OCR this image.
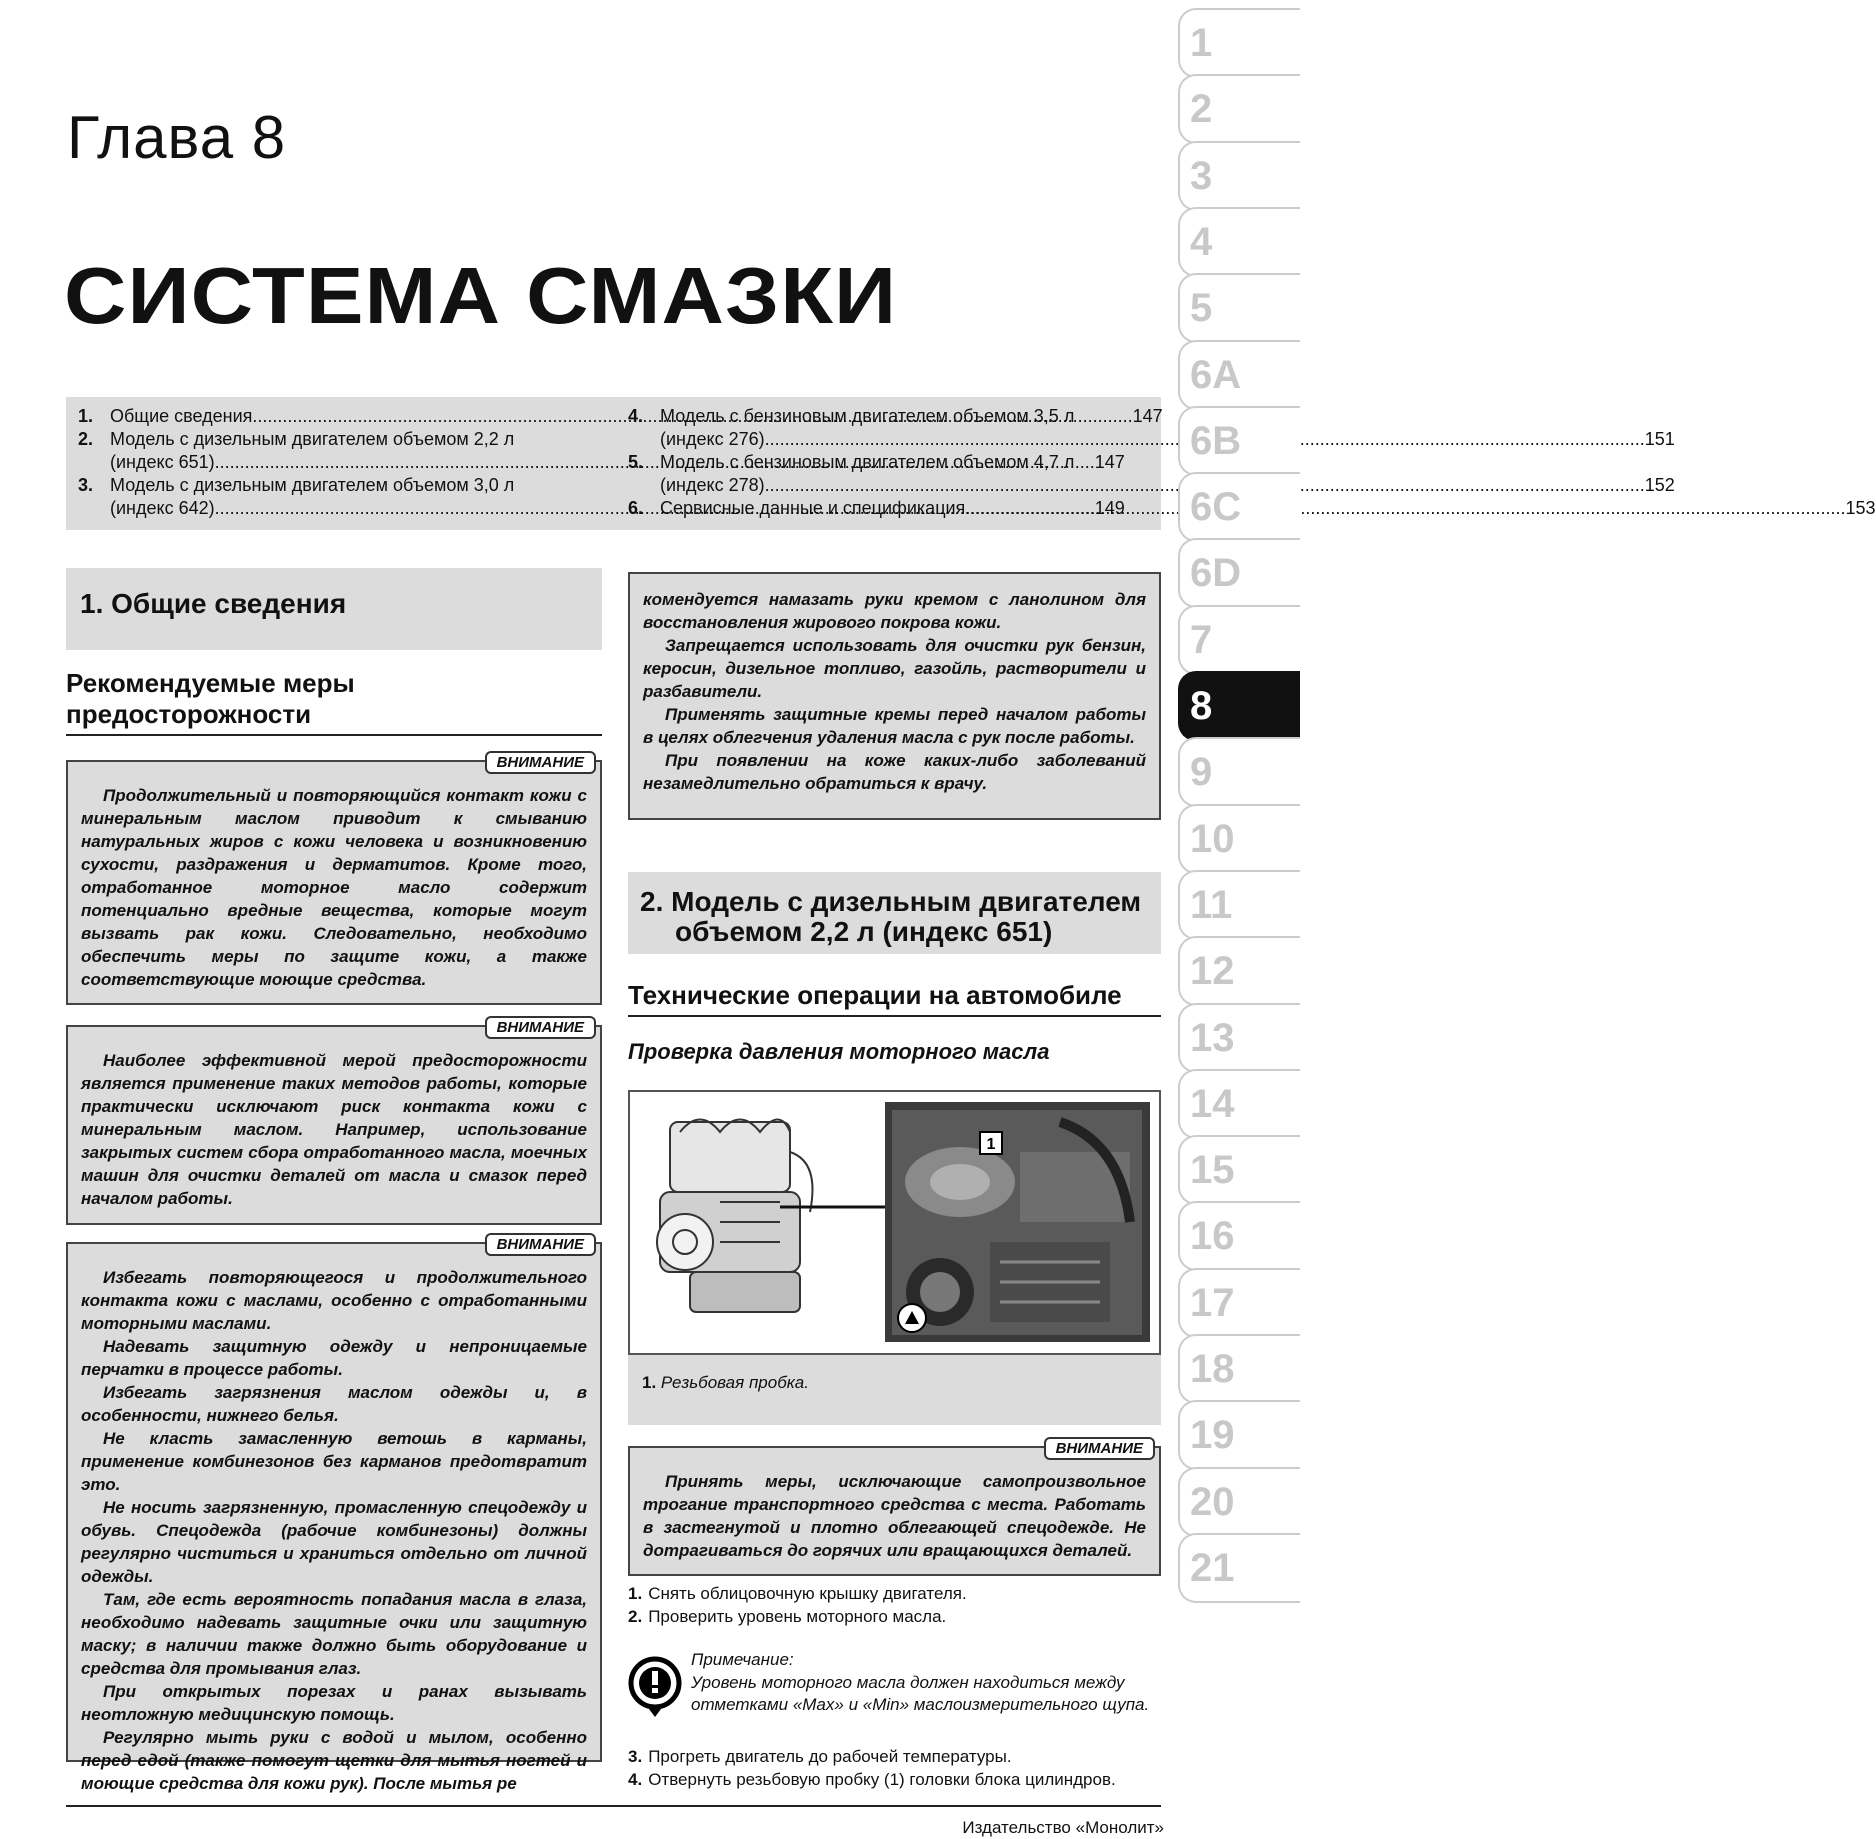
Глава 8
СИСТЕМА СМАЗКИ
1. Общие сведения .....	147
2. Модель с дизельным двигателем объемом 2,2 л
(индекс 651) .....	147
3. Модель с дизельным двигателем объемом 3,0 л
(индекс 642) .....	149
4. Модель с бензиновым двигателем объемом 3,5 л
(индекс 276) .....	151
5. Модель с бензиновым двигателем объемом 4,7 л
(индекс 278) .....	152
6. Сервисные данные и спецификация .....	153
1. Общие сведения
Рекомендуемые меры
предосторожности
ВНИМАНИЕ

Продолжительный и повторяющийся контакт кожи с минеральным маслом приводит к смыванию натуральных жиров с кожи человека и возникновению сухости, раздражения и дерматитов. Кроме того, отработанное моторное масло содержит потенциально вредные вещества, которые могут вызвать рак кожи. Следовательно, необходимо обеспечить меры по защите кожи, а также соответствующие моющие средства.

ВНИМАНИЕ

Наиболее эффективной мерой предосторожности является применение таких методов работы, которые практически исключают риск контакта кожи с минеральным маслом. Например, использование закрытых систем сбора отработанного масла, моечных машин для очистки деталей от масла и смазок перед началом работы.

ВНИМАНИЕ

Избегать повторяющегося и продолжительного контакта кожи с маслами, особенно с отработанными моторными маслами.

Надевать защитную одежду и непроницаемые перчатки в процессе работы.

Избегать загрязнения маслом одежды и, в особенности, нижнего белья.

Не класть замасленную ветошь в карманы, применение комбинезонов без карманов предотвратит это.

Не носить загрязненную, промасленную спецодежду и обувь. Спецодежда (рабочие комбинезоны) должны регулярно чиститься и храниться отдельно от личной одежды.

Там, где есть вероятность попадания масла в глаза, необходимо надевать защитные очки или защитную маску; в наличии также должно быть оборудование и средства для промывания глаз.

При открытых порезах и ранах вызывать неотложную медицинскую помощь.

Регулярно мыть руки с водой и мылом, особенно перед едой (также помогут щетки для мытья ногтей и моющие средства для кожи рук). После мытья ре

комендуется намазать руки кремом с ланолином для восстановления жирового покрова кожи.

Запрещается использовать для очистки рук бензин, керосин, дизельное топливо, газойль, растворители и разбавители.

Применять защитные кремы перед началом работы в целях облегчения удаления масла с рук после работы.

При появлении на коже каких-либо заболеваний незамедлительно обратиться к врачу.

2. Модель с дизельным двигателем
объемом 2,2 л (индекс 651)
Технические операции на автомобиле
Проверка давления моторного масла
1
1. Резьбовая пробка.
ВНИМАНИЕ

Принять меры, исключающие самопроизвольное трогание транспортного средства с места. Работать в застегнутой и плотно облегающей спецодежде. Не дотрагиваться до горячих или вращающихся деталей.

1. Снять облицовочную крышку двигателя.
2. Проверить уровень моторного масла.
Примечание:
Уровень моторного масла должен находиться между отметками «Max» и «Min» маслоизмерительного щупа.
3. Прогреть двигатель до рабочей температуры.
4. Отвернуть резьбовую пробку (1) головки блока цилиндров.
Издательство «Монолит»
1
2
3
4
5
6A
6B
6C
6D
7
8
9
10
11
12
13
14
15
16
17
18
19
20
21
